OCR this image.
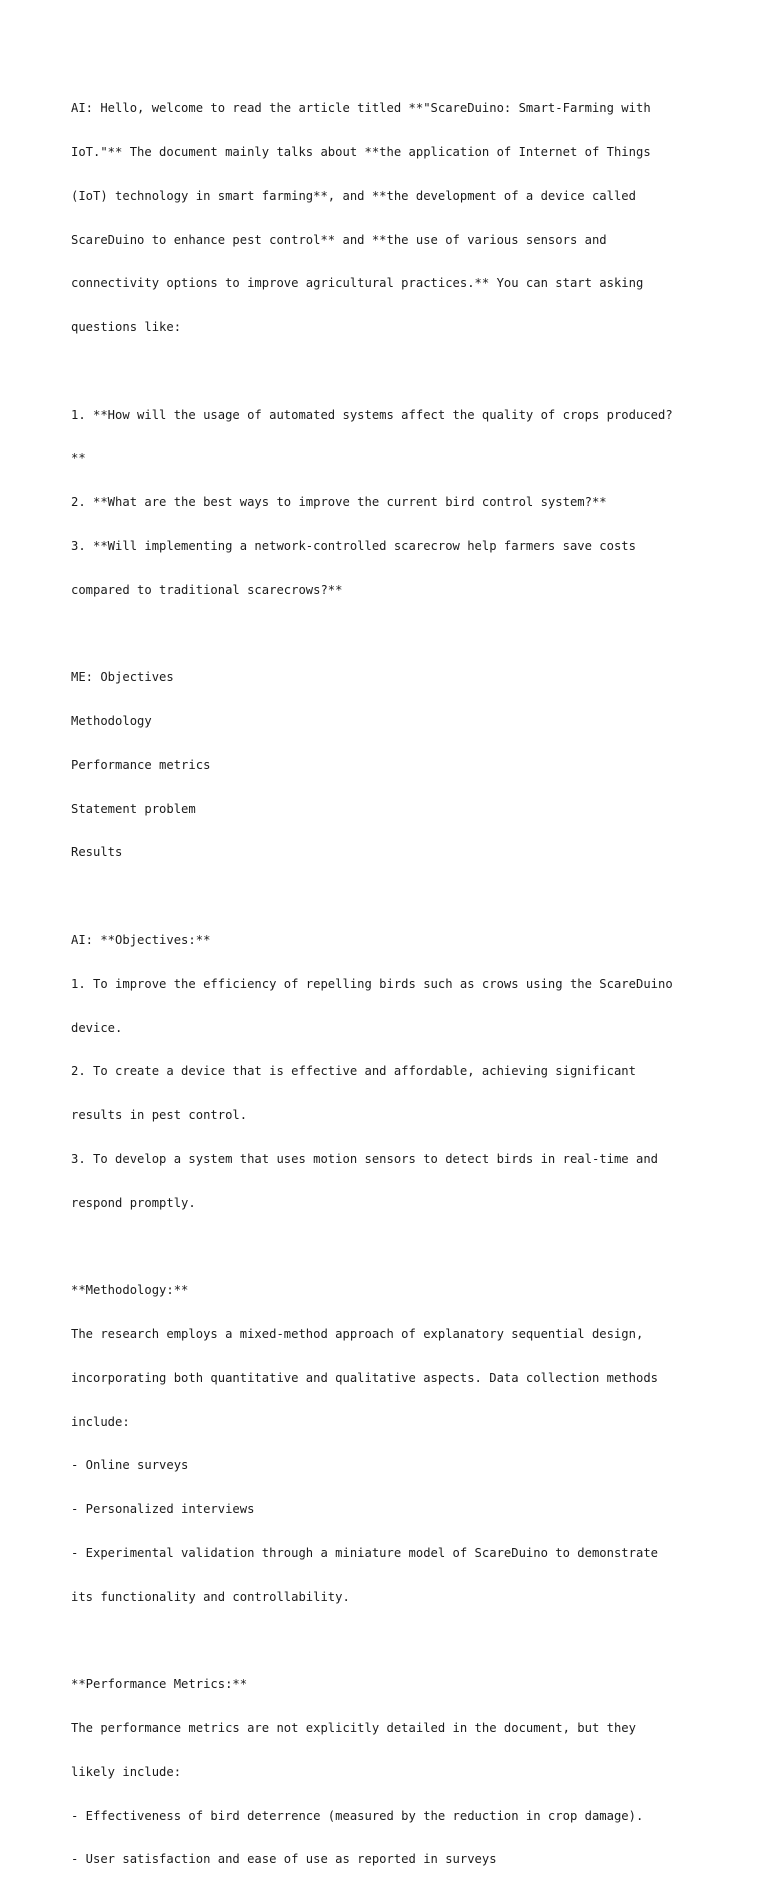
AI: Hello, welcome to read the article titled **"ScareDuino: Smart-Farming with

IoT."** The document mainly talks about **the application of Internet of Things

(IoT) technology in smart farming**, and **the development of a device called

ScareDuino to enhance pest control** and **the use of various sensors and

connectivity options to improve agricultural practices.** You can start asking

questions like:

1. **How will the usage of automated systems affect the quality of crops produced?

**

2. **What are the best ways to improve the current bird control system?**

3. **Will implementing a network-controlled scarecrow help farmers save costs

compared to traditional scarecrows?**

ME: Objectives

Methodology

Performance metrics

Statement problem

Results

AI: **Objectives:**

1. To improve the efficiency of repelling birds such as crows using the ScareDuino

device.

2. To create a device that is effective and affordable, achieving significant

results in pest control.

3. To develop a system that uses motion sensors to detect birds in real-time and

respond promptly.

**Methodology:**

The research employs a mixed-method approach of explanatory sequential design,

incorporating both quantitative and qualitative aspects. Data collection methods

include:

- Online surveys

- Personalized interviews

- Experimental validation through a miniature model of ScareDuino to demonstrate

its functionality and controllability.

**Performance Metrics:**

The performance metrics are not explicitly detailed in the document, but they

likely include:

- Effectiveness of bird deterrence (measured by the reduction in crop damage).

- User satisfaction and ease of use as reported in surveys
